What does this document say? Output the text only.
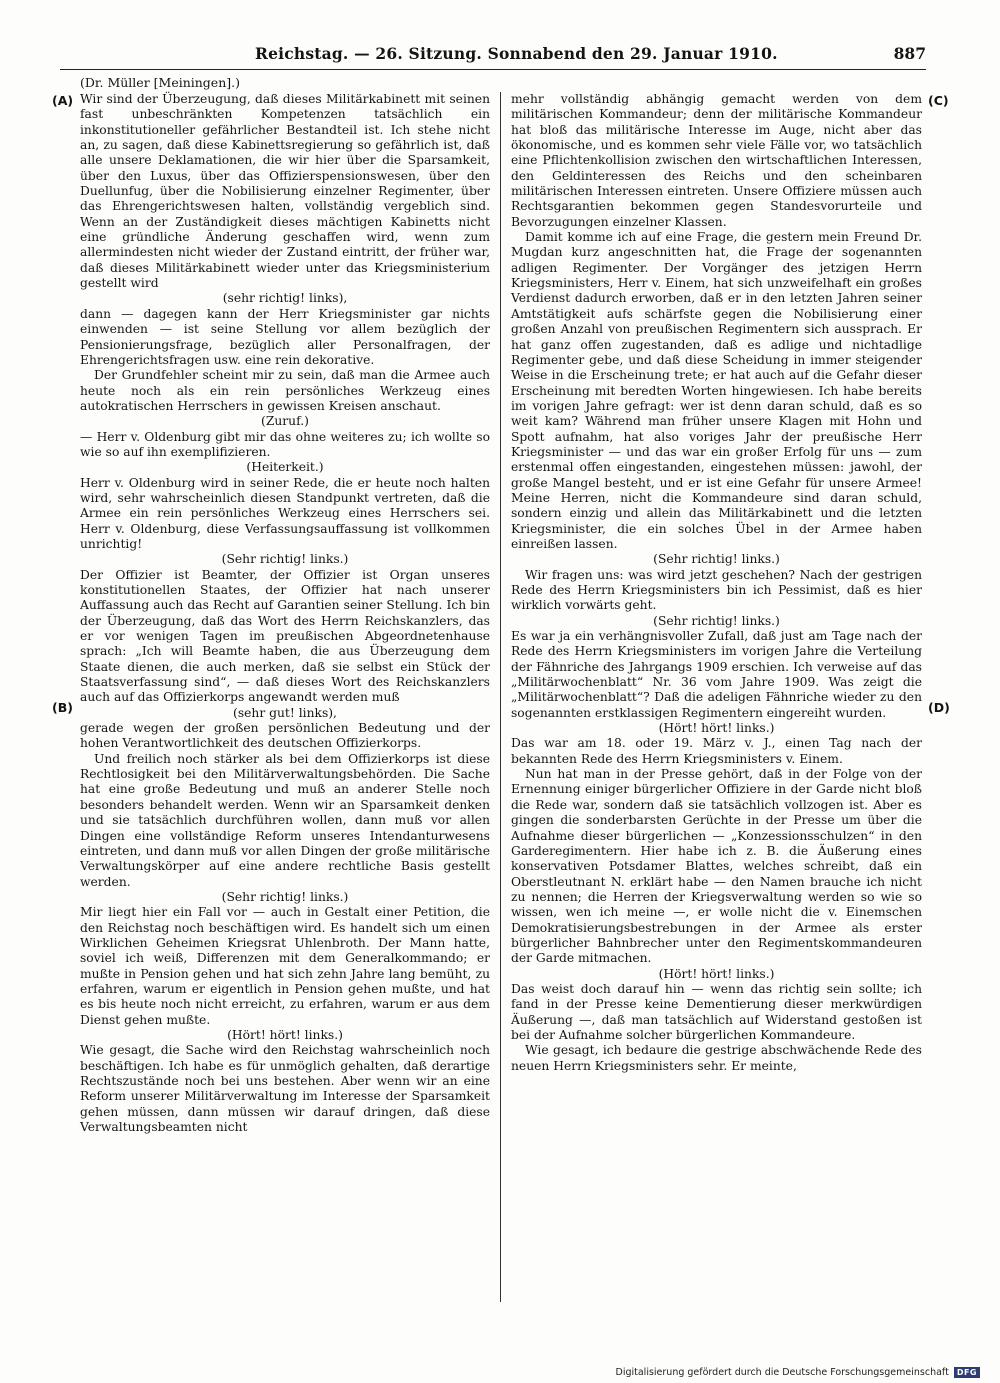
Reichstag. — 26. Sitzung. Sonnabend den 29. Januar 1910.	887
(Dr. Müller [Meiningen].)
(A)
(B)
(C)
(D)

Wir sind der Überzeugung, daß dieses Militärkabinett mit seinen fast unbeschränkten Kompetenzen tatsächlich ein inkonstitutioneller gefährlicher Bestandteil ist. Ich stehe nicht an, zu sagen, daß diese Kabinettsregierung so gefährlich ist, daß alle unsere Deklamationen, die wir hier über die Sparsamkeit, über den Luxus, über das Offizierspensionswesen, über den Duellunfug, über die Nobilisierung einzelner Regimenter, über das Ehrengerichtswesen halten, vollständig vergeblich sind. Wenn an der Zuständigkeit dieses mächtigen Kabinetts nicht eine gründliche Änderung geschaffen wird, wenn zum allermindesten nicht wieder der Zustand eintritt, der früher war, daß dieses Militärkabinett wieder unter das Kriegsministerium gestellt wird

(sehr richtig! links),

dann — dagegen kann der Herr Kriegsminister gar nichts einwenden — ist seine Stellung vor allem bezüglich der Pensionierungsfrage, bezüglich aller Personalfragen, der Ehrengerichtsfragen usw. eine rein dekorative.

Der Grundfehler scheint mir zu sein, daß man die Armee auch heute noch als ein rein persönliches Werkzeug eines autokratischen Herrschers in gewissen Kreisen anschaut.

(Zuruf.)

— Herr v. Oldenburg gibt mir das ohne weiteres zu; ich wollte so wie so auf ihn exemplifizieren.

(Heiterkeit.)

Herr v. Oldenburg wird in seiner Rede, die er heute noch halten wird, sehr wahrscheinlich diesen Standpunkt vertreten, daß die Armee ein rein persönliches Werkzeug eines Herrschers sei. Herr v. Oldenburg, diese Verfassungsauffassung ist vollkommen unrichtig!

(Sehr richtig! links.)

Der Offizier ist Beamter, der Offizier ist Organ unseres konstitutionellen Staates, der Offizier hat nach unserer Auffassung auch das Recht auf Garantien seiner Stellung. Ich bin der Überzeugung, daß das Wort des Herrn Reichskanzlers, das er vor wenigen Tagen im preußischen Abgeordnetenhause sprach: „Ich will Beamte haben, die aus Überzeugung dem Staate dienen, die auch merken, daß sie selbst ein Stück der Staatsverfassung sind“, — daß dieses Wort des Reichskanzlers auch auf das Offizierkorps angewandt werden muß

(sehr gut! links),

gerade wegen der großen persönlichen Bedeutung und der hohen Verantwortlichkeit des deutschen Offizierkorps.

Und freilich noch stärker als bei dem Offizierkorps ist diese Rechtlosigkeit bei den Militärverwaltungsbehörden. Die Sache hat eine große Bedeutung und muß an anderer Stelle noch besonders behandelt werden. Wenn wir an Sparsamkeit denken und sie tatsächlich durchführen wollen, dann muß vor allen Dingen eine vollständige Reform unseres Intendanturwesens eintreten, und dann muß vor allen Dingen der große militärische Verwaltungskörper auf eine andere rechtliche Basis gestellt werden.

(Sehr richtig! links.)

Mir liegt hier ein Fall vor — auch in Gestalt einer Petition, die den Reichstag noch beschäftigen wird. Es handelt sich um einen Wirklichen Geheimen Kriegsrat Uhlenbroth. Der Mann hatte, soviel ich weiß, Differenzen mit dem Generalkommando; er mußte in Pension gehen und hat sich zehn Jahre lang bemüht, zu erfahren, warum er eigentlich in Pension gehen mußte, und hat es bis heute noch nicht erreicht, zu erfahren, warum er aus dem Dienst gehen mußte.

(Hört! hört! links.)

Wie gesagt, die Sache wird den Reichstag wahrscheinlich noch beschäftigen. Ich habe es für unmöglich gehalten, daß derartige Rechtszustände noch bei uns bestehen. Aber wenn wir an eine Reform unserer Militärverwaltung im Interesse der Sparsamkeit gehen müssen, dann müssen wir darauf dringen, daß diese Verwaltungsbeamten nicht

mehr vollständig abhängig gemacht werden von dem militärischen Kommandeur; denn der militärische Kommandeur hat bloß das militärische Interesse im Auge, nicht aber das ökonomische, und es kommen sehr viele Fälle vor, wo tatsächlich eine Pflichtenkollision zwischen den wirtschaftlichen Interessen, den Geldinteressen des Reichs und den scheinbaren militärischen Interessen eintreten. Unsere Offiziere müssen auch Rechtsgarantien bekommen gegen Standesvorurteile und Bevorzugungen einzelner Klassen.

Damit komme ich auf eine Frage, die gestern mein Freund Dr. Mugdan kurz angeschnitten hat, die Frage der sogenannten adligen Regimenter. Der Vorgänger des jetzigen Herrn Kriegsministers, Herr v. Einem, hat sich unzweifelhaft ein großes Verdienst dadurch erworben, daß er in den letzten Jahren seiner Amtstätigkeit aufs schärfste gegen die Nobilisierung einer großen Anzahl von preußischen Regimentern sich aussprach. Er hat ganz offen zugestanden, daß es adlige und nichtadlige Regimenter gebe, und daß diese Scheidung in immer steigender Weise in die Erscheinung trete; er hat auch auf die Gefahr dieser Erscheinung mit beredten Worten hingewiesen. Ich habe bereits im vorigen Jahre gefragt: wer ist denn daran schuld, daß es so weit kam? Während man früher unsere Klagen mit Hohn und Spott aufnahm, hat also voriges Jahr der preußische Herr Kriegsminister — und das war ein großer Erfolg für uns — zum erstenmal offen eingestanden, eingestehen müssen: jawohl, der große Mangel besteht, und er ist eine Gefahr für unsere Armee! Meine Herren, nicht die Kommandeure sind daran schuld, sondern einzig und allein das Militärkabinett und die letzten Kriegsminister, die ein solches Übel in der Armee haben einreißen lassen.

(Sehr richtig! links.)

Wir fragen uns: was wird jetzt geschehen? Nach der gestrigen Rede des Herrn Kriegsministers bin ich Pessimist, daß es hier wirklich vorwärts geht.

(Sehr richtig! links.)

Es war ja ein verhängnisvoller Zufall, daß just am Tage nach der Rede des Herrn Kriegsministers im vorigen Jahre die Verteilung der Fähnriche des Jahrgangs 1909 erschien. Ich verweise auf das „Militärwochenblatt“ Nr. 36 vom Jahre 1909. Was zeigt die „Militärwochenblatt“? Daß die adeligen Fähnriche wieder zu den sogenannten erstklassigen Regimentern eingereiht wurden.

(Hört! hört! links.)

Das war am 18. oder 19. März v. J., einen Tag nach der bekannten Rede des Herrn Kriegsministers v. Einem.

Nun hat man in der Presse gehört, daß in der Folge von der Ernennung einiger bürgerlicher Offiziere in der Garde nicht bloß die Rede war, sondern daß sie tatsächlich vollzogen ist. Aber es gingen die sonderbarsten Gerüchte in der Presse um über die Aufnahme dieser bürgerlichen — „Konzessionsschulzen“ in den Garderegimentern. Hier habe ich z. B. die Äußerung eines konservativen Potsdamer Blattes, welches schreibt, daß ein Oberstleutnant N. erklärt habe — den Namen brauche ich nicht zu nennen; die Herren der Kriegsverwaltung werden so wie so wissen, wen ich meine —, er wolle nicht die v. Einemschen Demokratisierungsbestrebungen in der Armee als erster bürgerlicher Bahnbrecher unter den Regimentskommandeuren der Garde mitmachen.

(Hört! hört! links.)

Das weist doch darauf hin — wenn das richtig sein sollte; ich fand in der Presse keine Dementierung dieser merkwürdigen Äußerung —, daß man tatsächlich auf Widerstand gestoßen ist bei der Aufnahme solcher bürgerlichen Kommandeure.

Wie gesagt, ich bedaure die gestrige abschwächende Rede des neuen Herrn Kriegsministers sehr. Er meinte,

Digitalisierung gefördert durch die Deutsche Forschungsgemeinschaft	DFG
